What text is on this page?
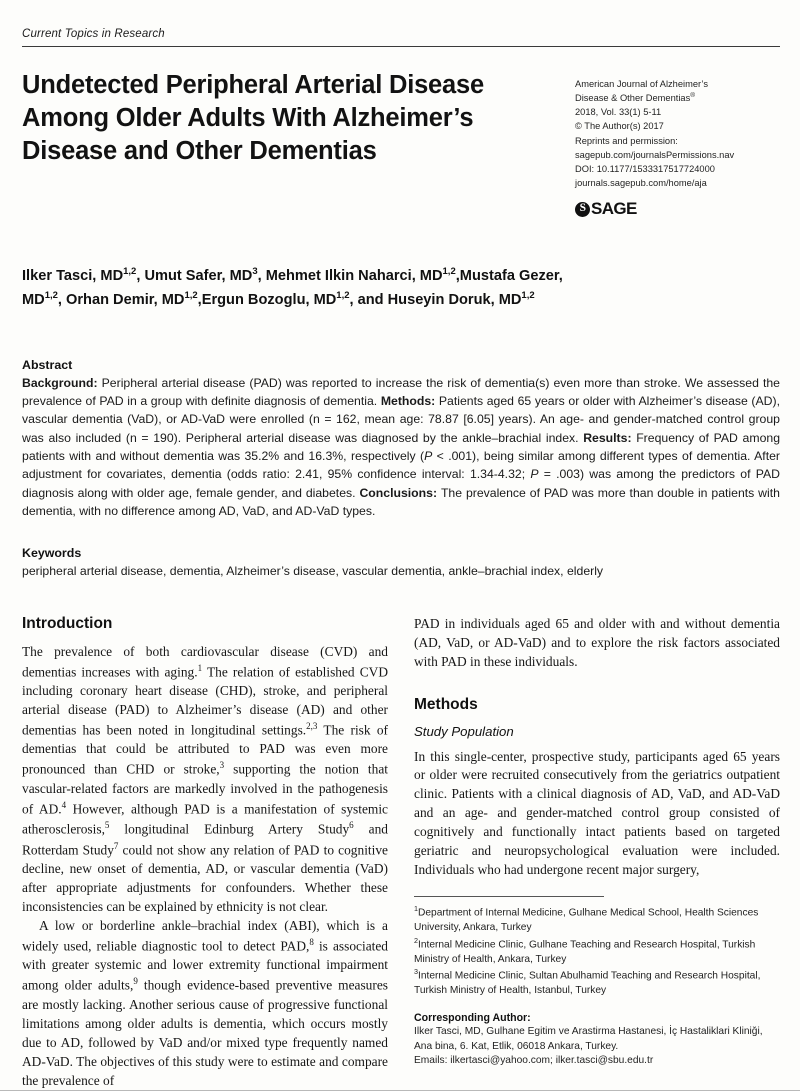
Current Topics in Research
Undetected Peripheral Arterial Disease Among Older Adults With Alzheimer’s Disease and Other Dementias
American Journal of Alzheimer’s
Disease & Other Dementias®
2018, Vol. 33(1) 5-11
© The Author(s) 2017
Reprints and permission:
sagepub.com/journalsPermissions.nav
DOI: 10.1177/1533317517724000
journals.sagepub.com/home/aja
S SAGE
Ilker Tasci, MD$^{1,2}$, Umut Safer, $MD^3$, Mehmet Ilkin Naharci, MD$^{1,2}$,Mustafa Gezer, MD$^{1,2}$, Orhan Demir, MD$^{1,2}$,Ergun Bozoglu, MD$^{1,2}$, and Huseyin Doruk, MD$^{1,2}$
Abstract
Background: Peripheral arterial disease (PAD) was reported to increase the risk of dementia(s) even more than stroke. We assessed the prevalence of PAD in a group with definite diagnosis of dementia. Methods: Patients aged 65 years or older with Alzheimer’s disease (AD), vascular dementia (VaD), or AD-VaD were enrolled (n = 162, mean age: 78.87 [6.05] years). An age- and gender-matched control group was also included (n = 190). Peripheral arterial disease was diagnosed by the ankle–brachial index. Results: Frequency of PAD among patients with and without dementia was 35.2% and 16.3%, respectively (P < .001), being similar among different types of dementia. After adjustment for covariates, dementia (odds ratio: 2.41, 95% confidence interval: 1.34-4.32; P = .003) was among the predictors of PAD diagnosis along with older age, female gender, and diabetes. Conclusions: The prevalence of PAD was more than double in patients with dementia, with no difference among AD, VaD, and AD-VaD types.
Keywords
peripheral arterial disease, dementia, Alzheimer’s disease, vascular dementia, ankle–brachial index, elderly
Introduction

The prevalence of both cardiovascular disease (CVD) and dementias increases with aging.$^1$ The relation of established CVD including coronary heart disease (CHD), stroke, and peripheral arterial disease (PAD) to Alzheimer’s disease (AD) and other dementias has been noted in longitudinal settings.$^{2,3}$ The risk of dementias that could be attributed to PAD was even more pronounced than CHD or stroke,$^3$ supporting the notion that vascular-related factors are markedly involved in the pathogenesis of AD.$^4$ However, although PAD is a manifestation of systemic atherosclerosis,$^5$ longitudinal Edinburg Artery Study$^6$ and Rotterdam Study$^7$ could not show any relation of PAD to cognitive decline, new onset of dementia, AD, or vascular dementia (VaD) after appropriate adjustments for confounders. Whether these inconsistencies can be explained by ethnicity is not clear.

A low or borderline ankle–brachial index (ABI), which is a widely used, reliable diagnostic tool to detect PAD,$^8$ is associated with greater systemic and lower extremity functional impairment among older adults,$^9$ though evidence-based preventive measures are mostly lacking. Another serious cause of progressive functional limitations among older adults is dementia, which occurs mostly due to AD, followed by VaD and/or mixed type frequently named AD-VaD. The objectives of this study were to estimate and compare the prevalence of

PAD in individuals aged 65 and older with and without dementia (AD, VaD, or AD-VaD) and to explore the risk factors associated with PAD in these individuals.

Methods
Study Population

In this single-center, prospective study, participants aged 65 years or older were recruited consecutively from the geriatrics outpatient clinic. Patients with a clinical diagnosis of AD, VaD, and AD-VaD and an age- and gender-matched control group consisted of cognitively and functionally intact patients based on targeted geriatric and neuropsychological evaluation were included. Individuals who had undergone recent major surgery,

$^1$Department of Internal Medicine, Gulhane Medical School, Health Sciences University, Ankara, Turkey
$^2$Internal Medicine Clinic, Gulhane Teaching and Research Hospital, Turkish Ministry of Health, Ankara, Turkey
$^3$Internal Medicine Clinic, Sultan Abulhamid Teaching and Research Hospital, Turkish Ministry of Health, Istanbul, Turkey
Corresponding Author:
Ilker Tasci, MD, Gulhane Egitim ve Arastirma Hastanesi, İç Hastaliklari Kliniği,
Ana bina, 6. Kat, Etlik, 06018 Ankara, Turkey.
Emails: ilkertasci@yahoo.com; ilker.tasci@sbu.edu.tr
